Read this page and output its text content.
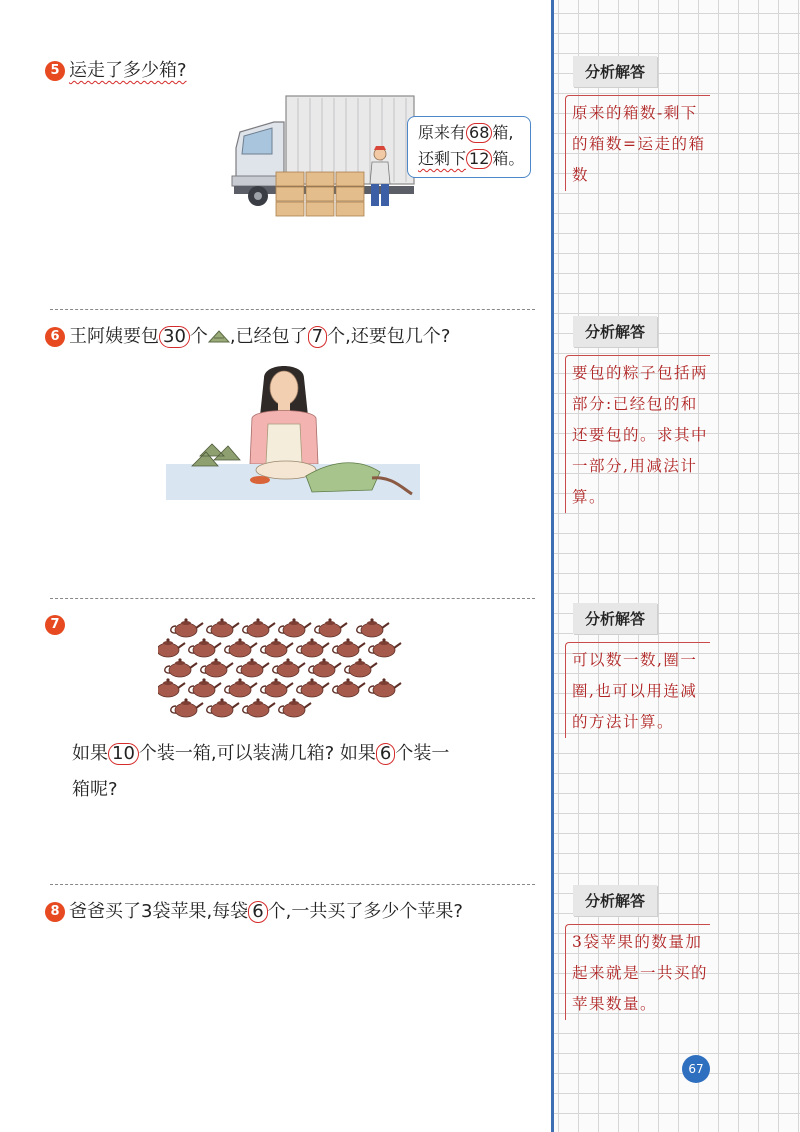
5 运走了多少箱?
原来有 68 箱,
还剩下 12 箱。
6 王阿姨要包 30 个 ,已经包了 7 个,还要包几个?
7
如果 10 个装一箱,可以装满几箱? 如果 6 个装一
箱呢?
8 爸爸买了3袋苹果,每袋 6 个,一共买了多少个苹果?
分析解答
原来的箱数-剩下的箱数=运走的箱数
分析解答
要包的粽子包括两部分:已经包的和还要包的。求其中一部分,用减法计算。
分析解答
可以数一数,圈一圈,也可以用连减的方法计算。
分析解答
3袋苹果的数量加起来就是一共买的苹果数量。
67
